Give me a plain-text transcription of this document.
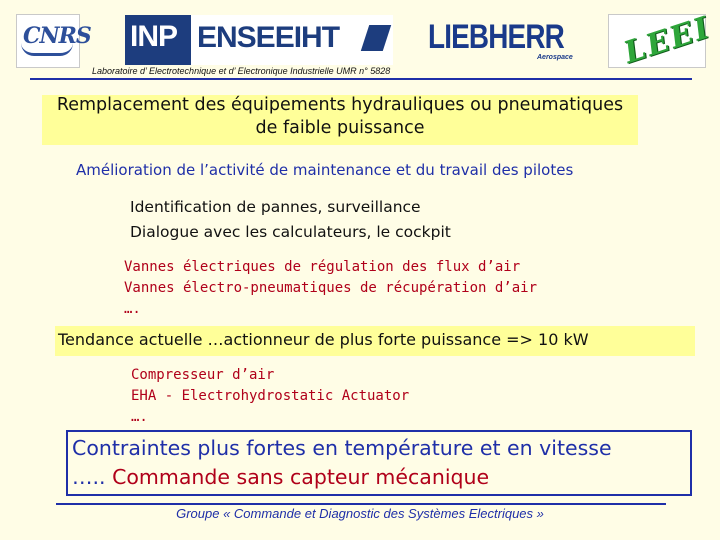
CNRS INP ENSEEIHT	LIEBHERR
Aerospace LEEI
Laboratoire d’ Electrotechnique et d’ Electronique Industrielle UMR n° 5828
Remplacement des équipements hydrauliques ou pneumatiques
de faible puissance
Amélioration de l’activité de maintenance et du travail des pilotes
Identification de pannes, surveillance
Dialogue avec les calculateurs, le cockpit
Vannes électriques de régulation des flux d’air
Vannes électro-pneumatiques de récupération d’air
….
Tendance actuelle …actionneur de plus forte puissance => 10 kW
Compresseur d’air
EHA - Electrohydrostatic Actuator
….
Contraintes plus fortes en température et en vitesse
….. Commande sans capteur mécanique
Groupe « Commande et Diagnostic des Systèmes Electriques »
